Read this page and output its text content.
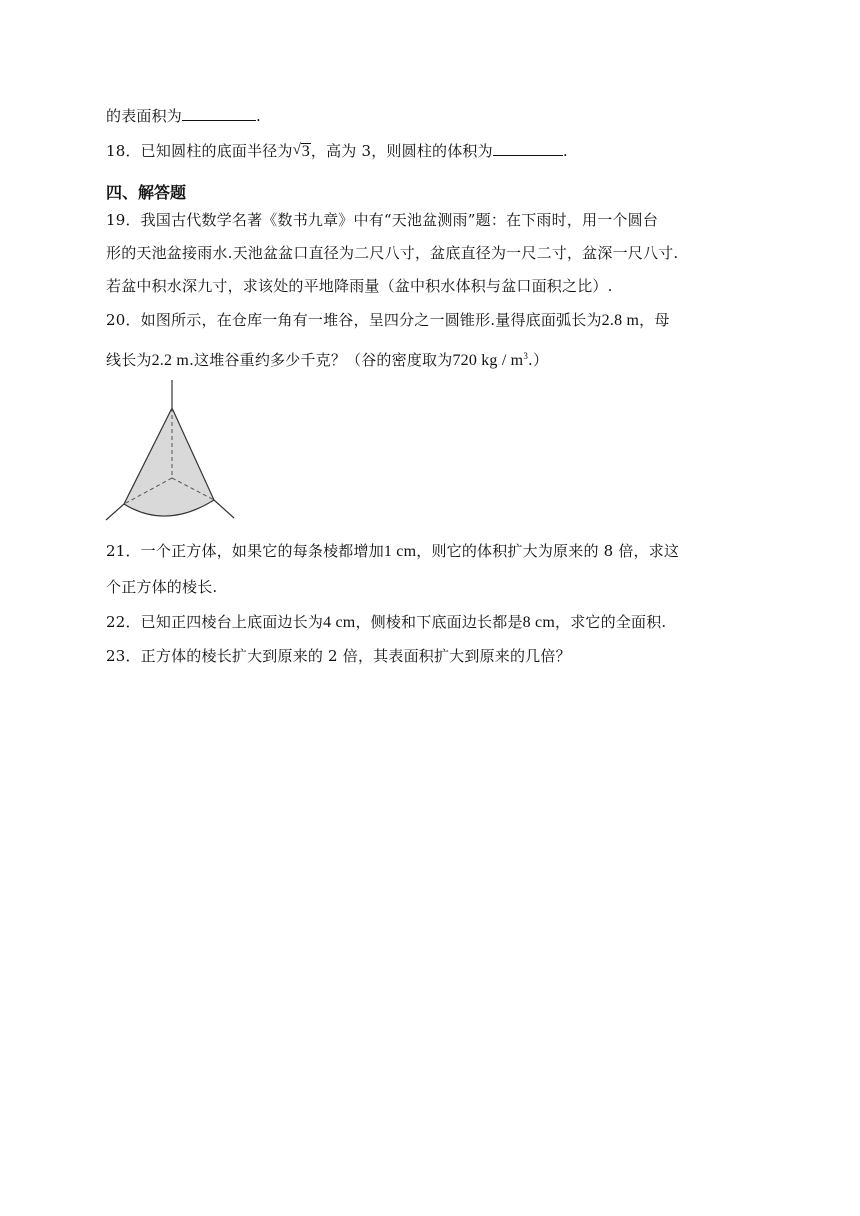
的表面积为	.
18．已知圆柱的底面半径为 √ 3，高为 3，则圆柱的体积为	.
四、解答题
19．我国古代数学名著《数书九章》中有“天池盆测雨”题：在下雨时，用一个圆台
形的天池盆接雨水.天池盆盆口直径为二尺八寸，盆底直径为一尺二寸，盆深一尺八寸.
若盆中积水深九寸，求该处的平地降雨量（盆中积水体积与盆口面积之比）.
20．如图所示，在仓库一角有一堆谷，呈四分之一圆锥形.量得底面弧长为2.8 m，母
线长为2.2 m.这堆谷重约多少千克？（谷的密度取为720 kg / $m^3$.）
21．一个正方体，如果它的每条棱都增加1 cm，则它的体积扩大为原来的 8 倍，求这
个正方体的棱长.
22．已知正四棱台上底面边长为4 cm，侧棱和下底面边长都是8 cm，求它的全面积.
23．正方体的棱长扩大到原来的 2 倍，其表面积扩大到原来的几倍？
